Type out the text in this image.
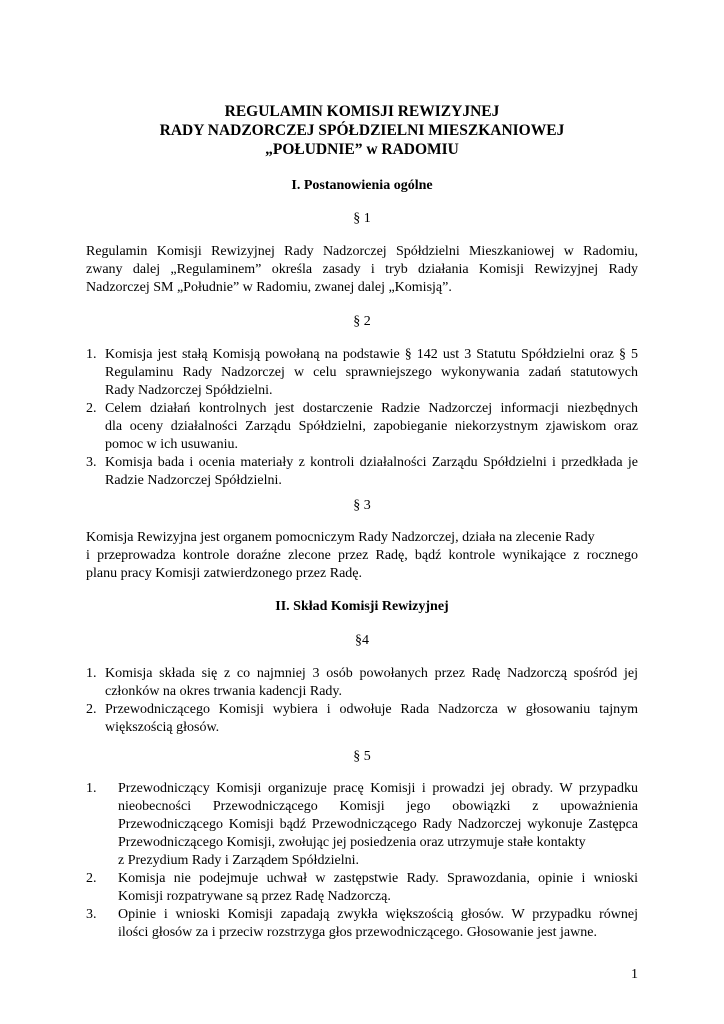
REGULAMIN KOMISJI REWIZYJNEJ
RADY NADZORCZEJ SPÓŁDZIELNI MIESZKANIOWEJ
„POŁUDNIE” w RADOMIU
I. Postanowienia ogólne
§ 1
Regulamin Komisji Rewizyjnej Rady Nadzorczej Spółdzielni Mieszkaniowej w Radomiu,
zwany dalej „Regulaminem” określa zasady i tryb działania Komisji Rewizyjnej Rady
Nadzorczej SM „Południe” w Radomiu, zwanej dalej „Komisją”.
§ 2
1. Komisja jest stałą Komisją powołaną na podstawie § 142 ust 3 Statutu Spółdzielni oraz § 5
Regulaminu Rady Nadzorczej w celu sprawniejszego wykonywania zadań statutowych
Rady Nadzorczej Spółdzielni.
2. Celem działań kontrolnych jest dostarczenie Radzie Nadzorczej informacji niezbędnych
dla oceny działalności Zarządu Spółdzielni, zapobieganie niekorzystnym zjawiskom oraz
pomoc w ich usuwaniu.
3. Komisja bada i ocenia materiały z kontroli działalności Zarządu Spółdzielni i przedkłada je
Radzie Nadzorczej Spółdzielni.
§ 3
Komisja Rewizyjna jest organem pomocniczym Rady Nadzorczej, działa na zlecenie Rady
i przeprowadza kontrole doraźne zlecone przez Radę, bądź kontrole wynikające z rocznego
planu pracy Komisji zatwierdzonego przez Radę.
II. Skład Komisji Rewizyjnej
§4
1. Komisja składa się z co najmniej 3 osób powołanych przez Radę Nadzorczą spośród jej
członków na okres trwania kadencji Rady.
2. Przewodniczącego Komisji wybiera i odwołuje Rada Nadzorcza w głosowaniu tajnym
większością głosów.
§ 5
1. Przewodniczący Komisji organizuje pracę Komisji i prowadzi jej obrady. W przypadku
nieobecności Przewodniczącego Komisji jego obowiązki z upoważnienia
Przewodniczącego Komisji bądź Przewodniczącego Rady Nadzorczej wykonuje Zastępca
Przewodniczącego Komisji, zwołując jej posiedzenia oraz utrzymuje stałe kontakty
z Prezydium Rady i Zarządem Spółdzielni.
2. Komisja nie podejmuje uchwał w zastępstwie Rady. Sprawozdania, opinie i wnioski
Komisji rozpatrywane są przez Radę Nadzorczą.
3. Opinie i wnioski Komisji zapadają zwykła większością głosów. W przypadku równej
ilości głosów za i przeciw rozstrzyga głos przewodniczącego. Głosowanie jest jawne.
1
